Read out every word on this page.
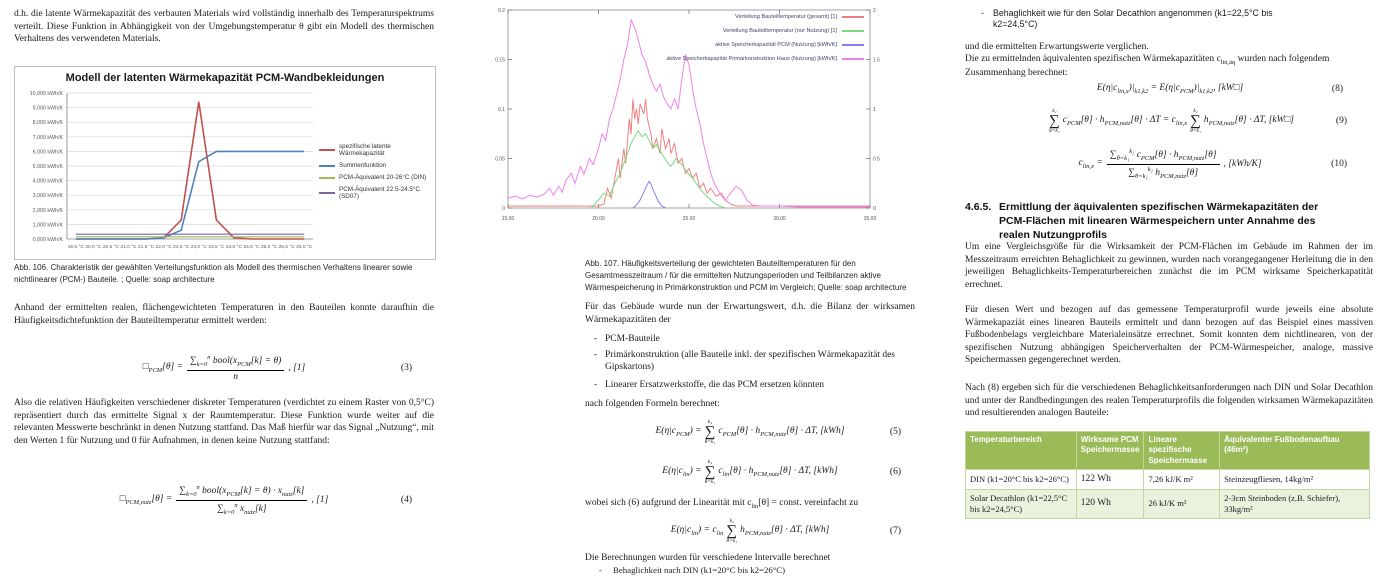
d.h. die latente Wärmekapazität des verbauten Materials wird vollständig innerhalb des Temperaturspektrums verteilt. Diese Funktion in Abhängigkeit von der Umgebungstemperatur θ gibt ein Modell des thermischen Verhaltens des verwendeten Materials.
Modell der latenten Wärmekapazität PCM-Wandbekleidungen
0,000 kWh/K
1,000 kWh/K
2,000 kWh/K
3,000 kWh/K
4,000 kWh/K
5,000 kWh/K
6,000 kWh/K
7,000 kWh/K
8,000 kWh/K
9,000 kWh/K
10,000 kWh/K
19,5 °C 20,0 °C 20,5 °C 21,0 °C 21,5 °C 22,0 °C 22,5 °C 23,0 °C 23,5 °C 24,0 °C 24,5 °C 25,0 °C 25,5 °C 26,0 °C
spezifische latente Wärmekapazität
Summenfunktion
PCM-Äquivalent 20-26°C (DIN)
PCM-Äquivalent 22.5-24.5°C (SD07)
Abb. 106. Charakteristik der gewählten Verteilungsfunktion als Modell des thermischen Verhaltens linearer sowie nichtlinearer (PCM-) Bauteile. ; Quelle: soap architecture
Anhand der ermittelten realen, flächengewichteten Temperaturen in den Bauteilen konnte daraufhin die Häufigkeitsdichtefunktion der Bauteiltemperatur ermittelt werden:
$□_{PCM}[\theta] = \frac{\sum_{k=0}^n bool(x_{PCM}[k] = \theta)}{n}$ , [1]	(3)
Also die relativen Häufigkeiten verschiedener diskreter Temperaturen (verdichtet zu einem Raster von 0,5°C) repräsentiert durch das ermittelte Signal x der Raumtemperatur. Diese Funktion wurde weiter auf die relevanten Messwerte beschränkt in denen Nutzung stattfand. Das Maß hierfür war das Signal „Nutzung“, mit den Werten 1 für Nutzung und 0 für Aufnahmen, in denen keine Nutzung stattfand:
$□_{PCM,nutz}[\theta] = \frac{\sum_{k=0}^n bool(x_{PCM}[k] = \theta) \cdot x_{nutz}[k]}{\sum_{k=0}^n x_{nutz}[k]}$ , [1]	(4)
15.00	20.00	25.00	30.00	35.00
0	0
0.05	0.5
0.1	1
0.15	1.5
0.2	2
Verteilung Bauteiltemperatur (gesamt) [1]
Verteilung Bauteiltemperatur (nur Nutzung) [1]
aktive Speicherkapazität PCM (Nutzung) [kWh/K]
aktive Speicherkapazität Primärkonstruktion Haus (Nutzung) [kWh/K]
Abb. 107. Häufigkeitsverteilung der gewichteten Bauteiltemperaturen für den Gesamtmesszeitraum / für die ermittelten Nutzungsperioden und Teilbilanzen aktive Wärmespeicherung in Primärkonstruktion und PCM im Vergleich; Quelle: soap architecture
Für das Gebäude wurde nun der Erwartungswert, d.h. die Bilanz der wirksamen Wärmekapazitäten der
- PCM-Bauteile
- Primärkonstruktion (alle Bauteile inkl. der spezifischen Wärmekapazität des Gipskartons)
- Linearer Ersatzwerkstoffe, die das PCM ersetzen könnten
nach folgenden Formeln berechnet:
$E(\eta|c_{PCM})$ =
k₂
∑
θ=k₁
$c_{PCM}[\theta] \cdot h_{PCM,nutz}[\theta] \cdot \Delta T$, [kWh]	(5)
$E(\eta|c_{lin})$ =
k₂
∑
θ=k₁
$c_{lin}[\theta] \cdot h_{PCM,nutz}[\theta] \cdot \Delta T$, [kWh]	(6)
wobei sich (6) aufgrund der Linearität mit $c_{lin}[\theta]$ = const. vereinfacht zu
$E(\eta|c_{lin}) = c_{lin}$
k₂
∑
θ=k₁
$h_{PCM,nutz}[\theta] \cdot \Delta T$, [kWh]	(7)
Die Berechnungen wurden für verschiedene Intervalle berechnet
-	Behaglichkeit nach DIN (k1=20°C bis k2=26°C)
-	Behaglichkeit wie für den Solar Decathlon angenommen (k1=22,5°C bis k2=24,5°C)
und die ermittelten Erwartungswerte verglichen.
Die zu ermittelnden äquivalenten spezifischen Wärmekapazitäten $c_{lin,äq}$ wurden nach folgendem Zusammenhang berechnet:
$E(\eta|c_{lin,x})|_{k1,k2} = E(\eta|c_{PCM})|_{k1,k2}$, [kW□]	(8)
k₂
∑
θ=k₁
$c_{PCM}[\theta] \cdot h_{PCM,nutz}[\theta] \cdot \Delta T = c_{lin,x}$
k₂
∑
θ=k₁
$h_{PCM,nutz}[\theta] \cdot \Delta T$, [kW□]	(9)
$c_{lin,x} = \frac{\sum_{\theta=k_1}^{k_2} c_{PCM}[\theta] \cdot h_{PCM,nutz}[\theta]}{\sum_{\theta=k_1}^{k_2} h_{PCM,nutz}[\theta]}$ , [kWh/K]	(10)
4.6.5. Ermittlung der äquivalenten spezifischen Wärmekapazitäten der PCM-Flächen mit linearen Wärmespeichern unter Annahme des realen Nutzungprofils
Um eine Vergleichsgröße für die Wirksamkeit der PCM-Flächen im Gebäude im Rahmen der im Messzeitraum erreichten Behaglichkeit zu gewinnen, wurden nach vorangegangener Herleitung die in den jeweiligen Behaglichkeits-Temperaturbereichen zunächst die im PCM wirksame Speicherkapatität errechnet.
Für diesen Wert und bezogen auf das gemessene Temperaturprofil wurde jeweils eine absolute Wärmekapaziät eines linearen Bauteils ermittelt und dann bezogen auf das Beispiel eines massiven Fußbodenbelags vergleichbare Materialeinsätze errechnet. Somit konnten dem nichtlinearen, von der spezifischen Nutzung abhängigen Speicherverhalten der PCM-Wärmespeicher, analoge, massive Speichermassen gegengerechnet werden.
Nach (8) ergeben sich für die verschiedenen Behaglichkeitsanforderungen nach DIN und Solar Decathlon und unter der Randbedingungen des realen Temperaturprofils die folgenden wirksamen Wärmekapazitäten und resultierenden analogen Bauteile:
Temperaturbereich	Wirksame PCM Speichermasse	Lineare spezifische Speichermasse	Äquivalenter Fußbodenaufbau (46m²)
DIN (k1=20°C bis k2=26°C)	122 Wh	7,26 kJ/K m²	Steinzeugfliesen, 14kg/m²
Solar Decathlon (k1=22,5°C bis k2=24,5°C)	120 Wh	26 kJ/K m²	2-3cm Steinboden (z.B. Schiefer), 33kg/m²
